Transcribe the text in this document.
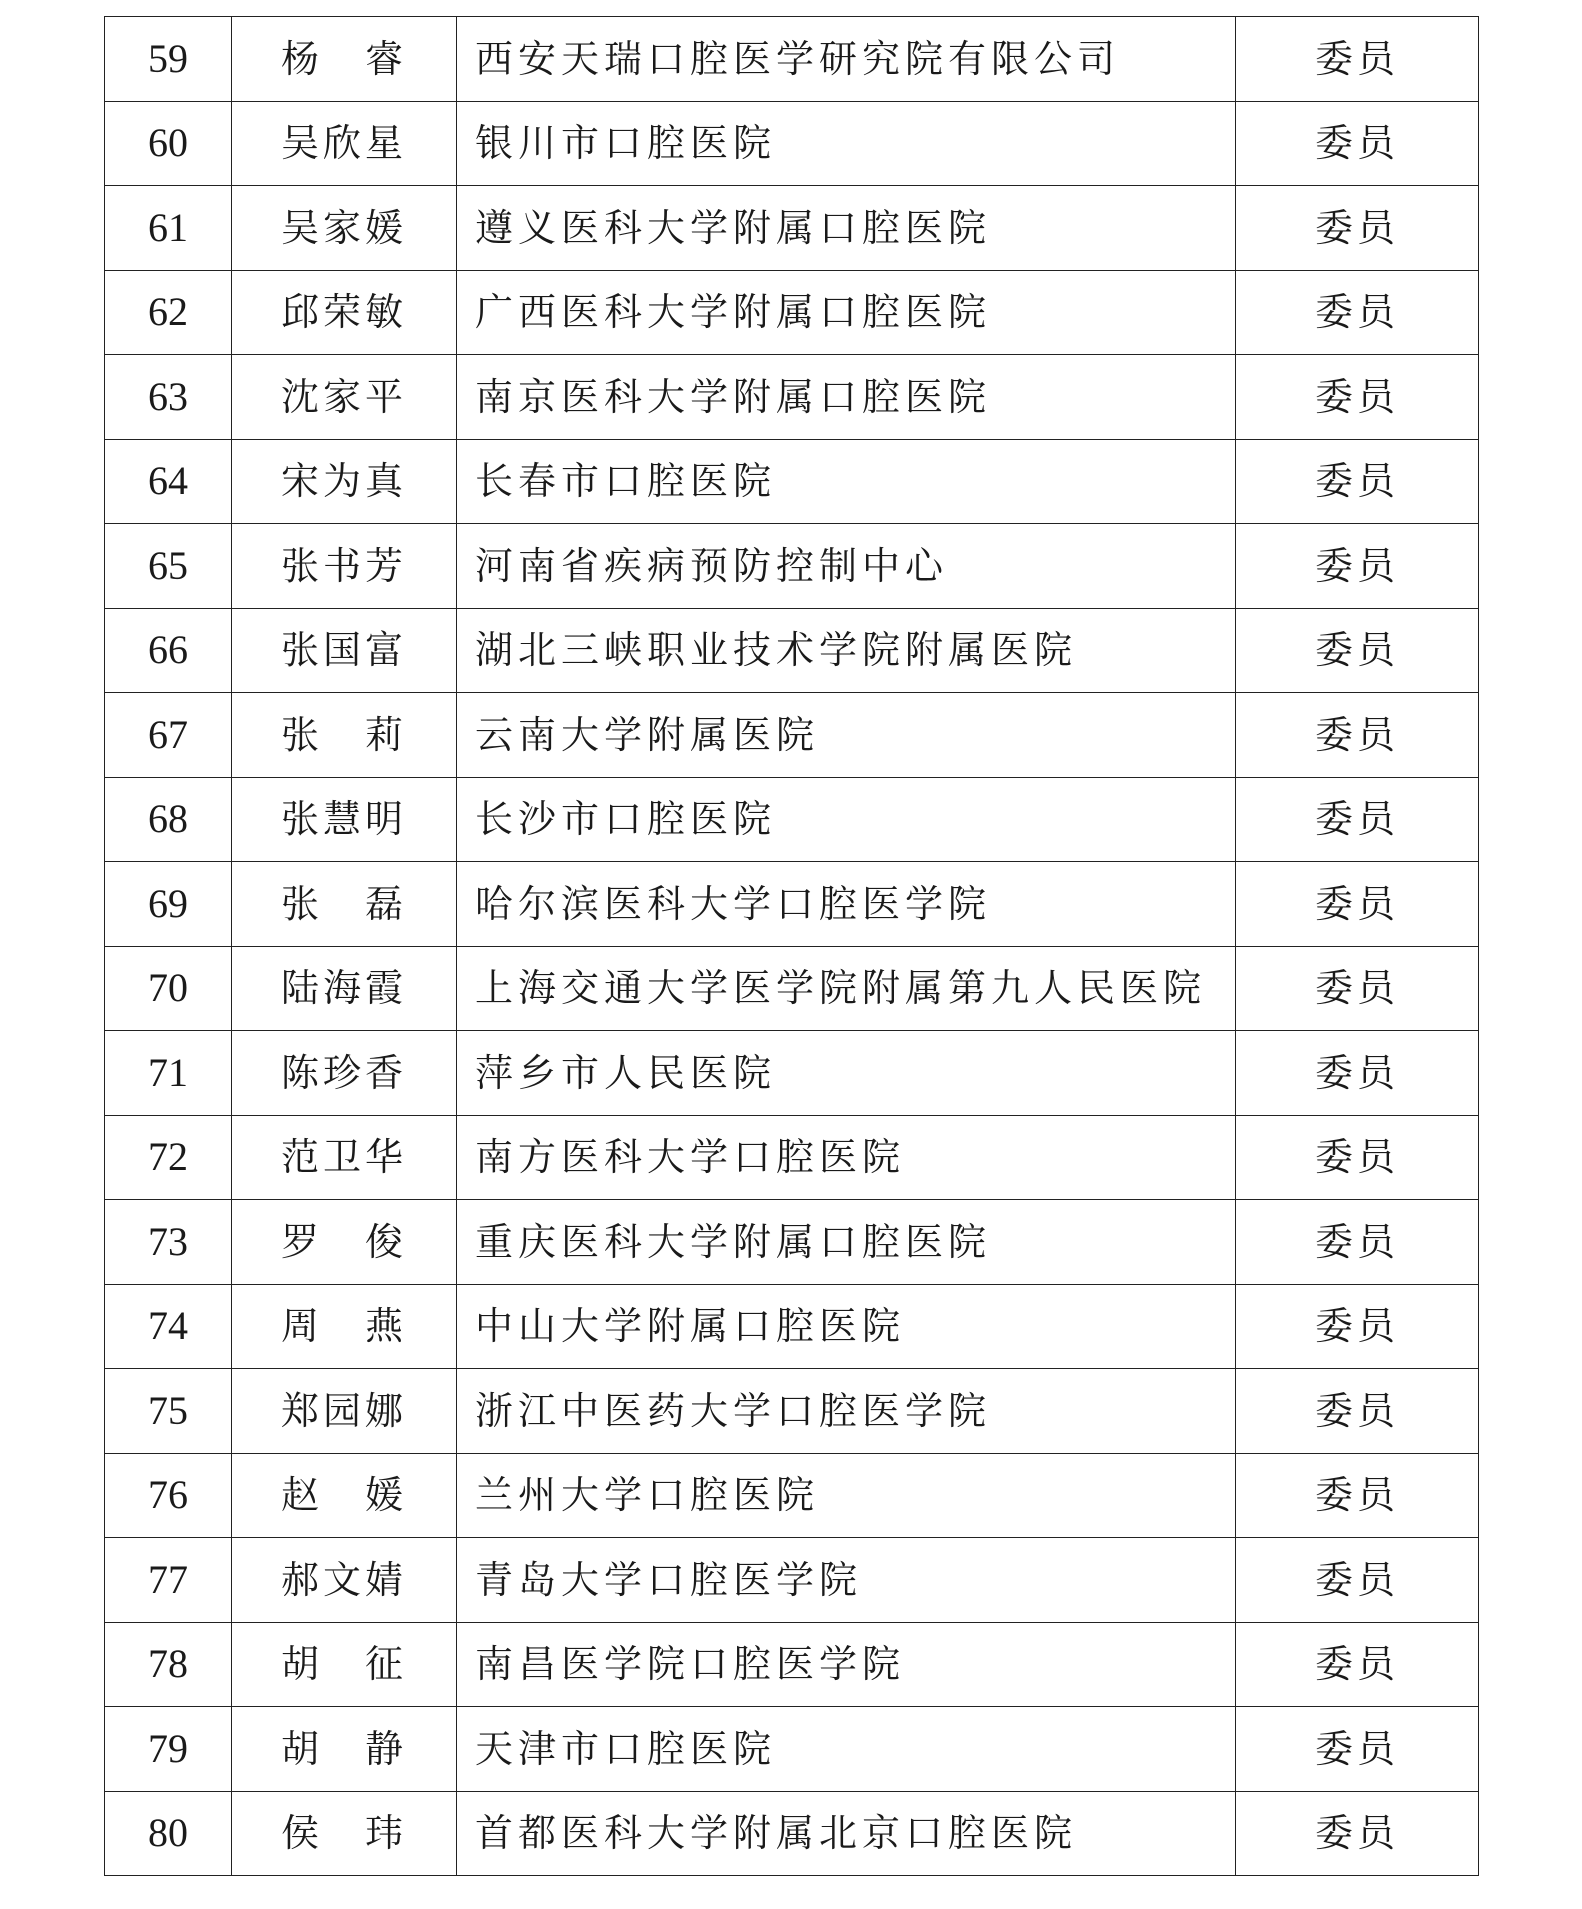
59	杨　睿	西安天瑞口腔医学研究院有限公司	委员
60	吴欣星	银川市口腔医院	委员
61	吴家媛	遵义医科大学附属口腔医院	委员
62	邱荣敏	广西医科大学附属口腔医院	委员
63	沈家平	南京医科大学附属口腔医院	委员
64	宋为真	长春市口腔医院	委员
65	张书芳	河南省疾病预防控制中心	委员
66	张国富	湖北三峡职业技术学院附属医院	委员
67	张　莉	云南大学附属医院	委员
68	张慧明	长沙市口腔医院	委员
69	张　磊	哈尔滨医科大学口腔医学院	委员
70	陆海霞	上海交通大学医学院附属第九人民医院	委员
71	陈珍香	萍乡市人民医院	委员
72	范卫华	南方医科大学口腔医院	委员
73	罗　俊	重庆医科大学附属口腔医院	委员
74	周　燕	中山大学附属口腔医院	委员
75	郑园娜	浙江中医药大学口腔医学院	委员
76	赵　媛	兰州大学口腔医院	委员
77	郝文婧	青岛大学口腔医学院	委员
78	胡　征	南昌医学院口腔医学院	委员
79	胡　静	天津市口腔医院	委员
80	侯　玮	首都医科大学附属北京口腔医院	委员
